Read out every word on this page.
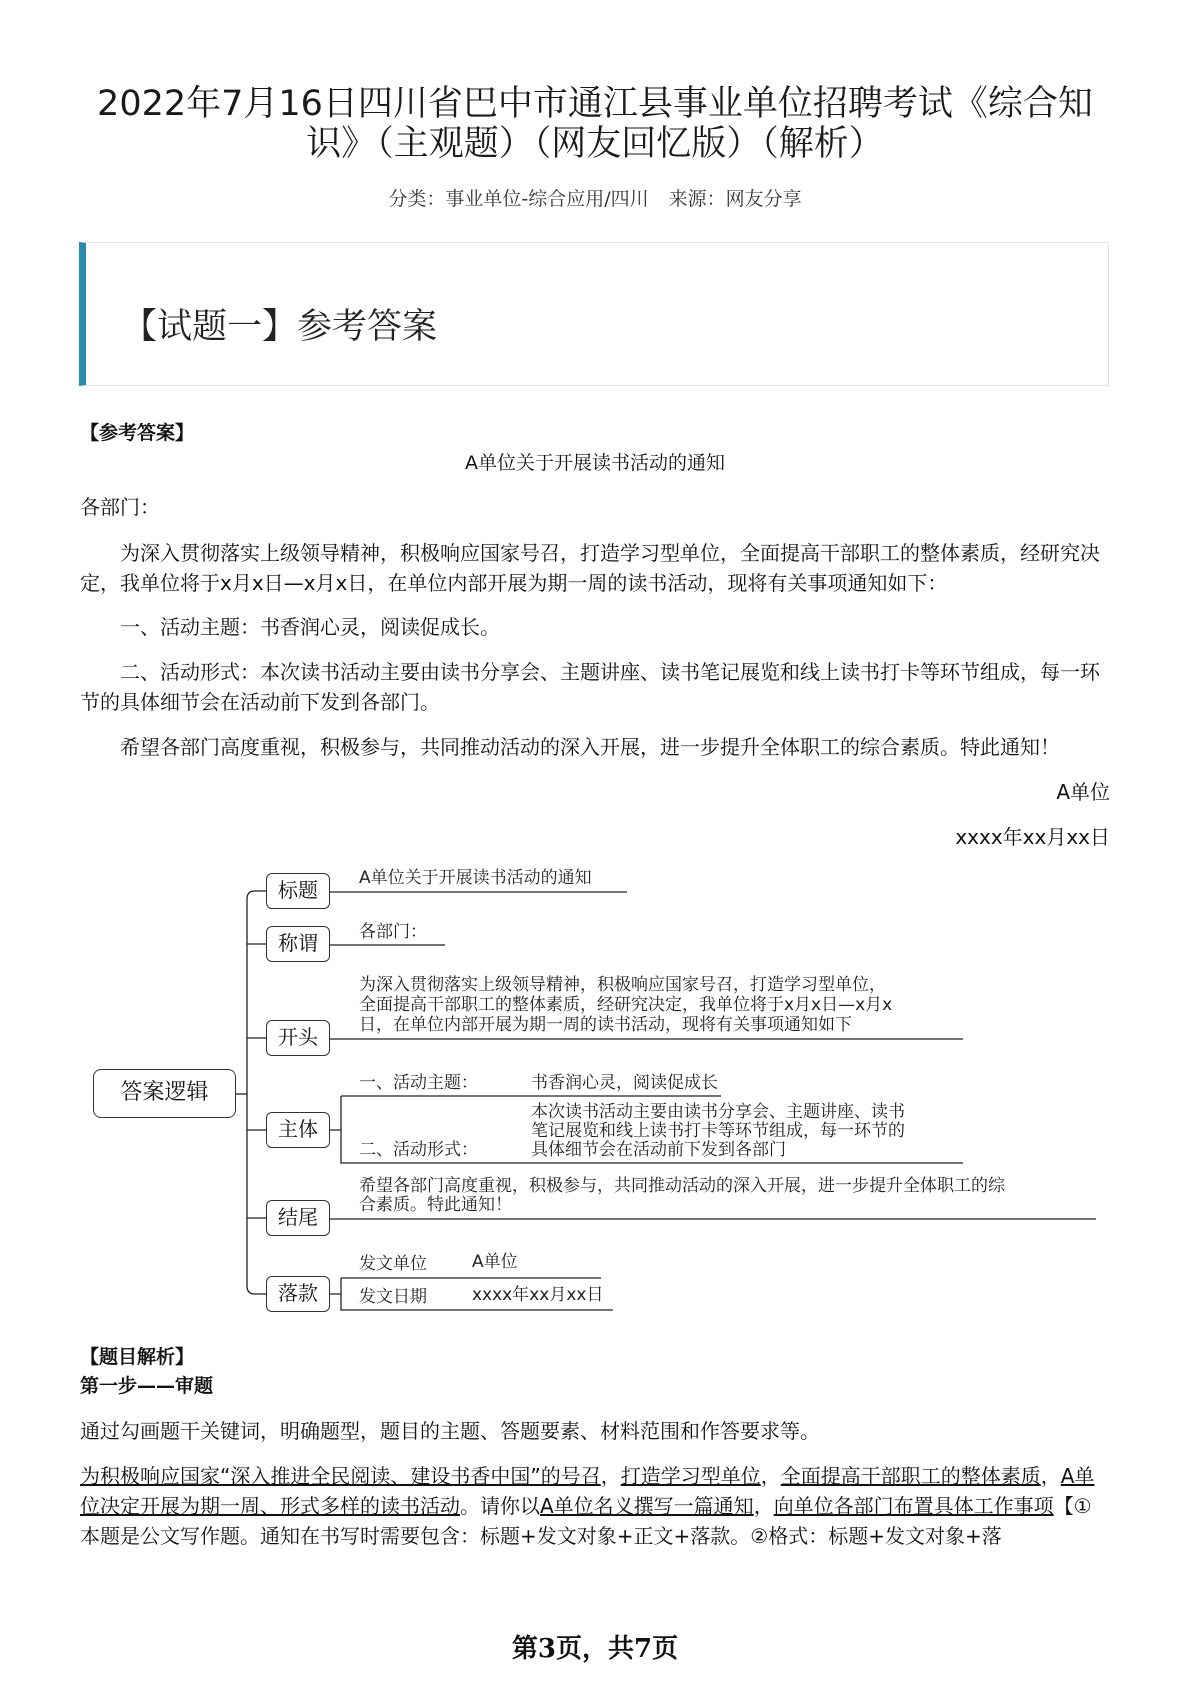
2022年7月16日四川省巴中市通江县事业单位招聘考试《综合知识》（主观题）（网友回忆版）（解析）
分类：事业单位-综合应用/四川 来源：网友分享
【试题一】参考答案
【参考答案】
A单位关于开展读书活动的通知
各部门：
为深入贯彻落实上级领导精神，积极响应国家号召，打造学习型单位，全面提高干部职工的整体素质，经研究决定，我单位将于x月x日—x月x日，在单位内部开展为期一周的读书活动，现将有关事项通知如下：
一、活动主题：书香润心灵，阅读促成长。
二、活动形式：本次读书活动主要由读书分享会、主题讲座、读书笔记展览和线上读书打卡等环节组成，每一环节的具体细节会在活动前下发到各部门。
希望各部门高度重视，积极参与，共同推动活动的深入开展，进一步提升全体职工的综合素质。特此通知！
A单位
xxxx年xx月xx日
答案逻辑
标题
称谓
开头
主体
结尾
落款
A单位关于开展读书活动的通知
各部门：
为深入贯彻落实上级领导精神，积极响应国家号召，打造学习型单位，
全面提高干部职工的整体素质，经研究决定，我单位将于x月x日—x月x
日，在单位内部开展为期一周的读书活动，现将有关事项通知如下
一、活动主题：	书香润心灵，阅读促成长
二、活动形式：
本次读书活动主要由读书分享会、主题讲座、读书
笔记展览和线上读书打卡等环节组成，每一环节的
具体细节会在活动前下发到各部门
希望各部门高度重视，积极参与，共同推动活动的深入开展，进一步提升全体职工的综
合素质。特此通知！
发文单位	A单位
发文日期	xxxx年xx月xx日
【题目解析】
第一步——审题
通过勾画题干关键词，明确题型，题目的主题、答题要素、材料范围和作答要求等。
为积极响应国家“深入推进全民阅读、建设书香中国”的号召，打造学习型单位，全面提高干部职工的整体素质，A单位决定开展为期一周、形式多样的读书活动。请你以A单位名义撰写一篇通知，向单位各部门布置具体工作事项【①本题是公文写作题。通知在书写时需要包含：标题+发文对象+正文+落款。②格式：标题+发文对象+落
第3页，共7页
